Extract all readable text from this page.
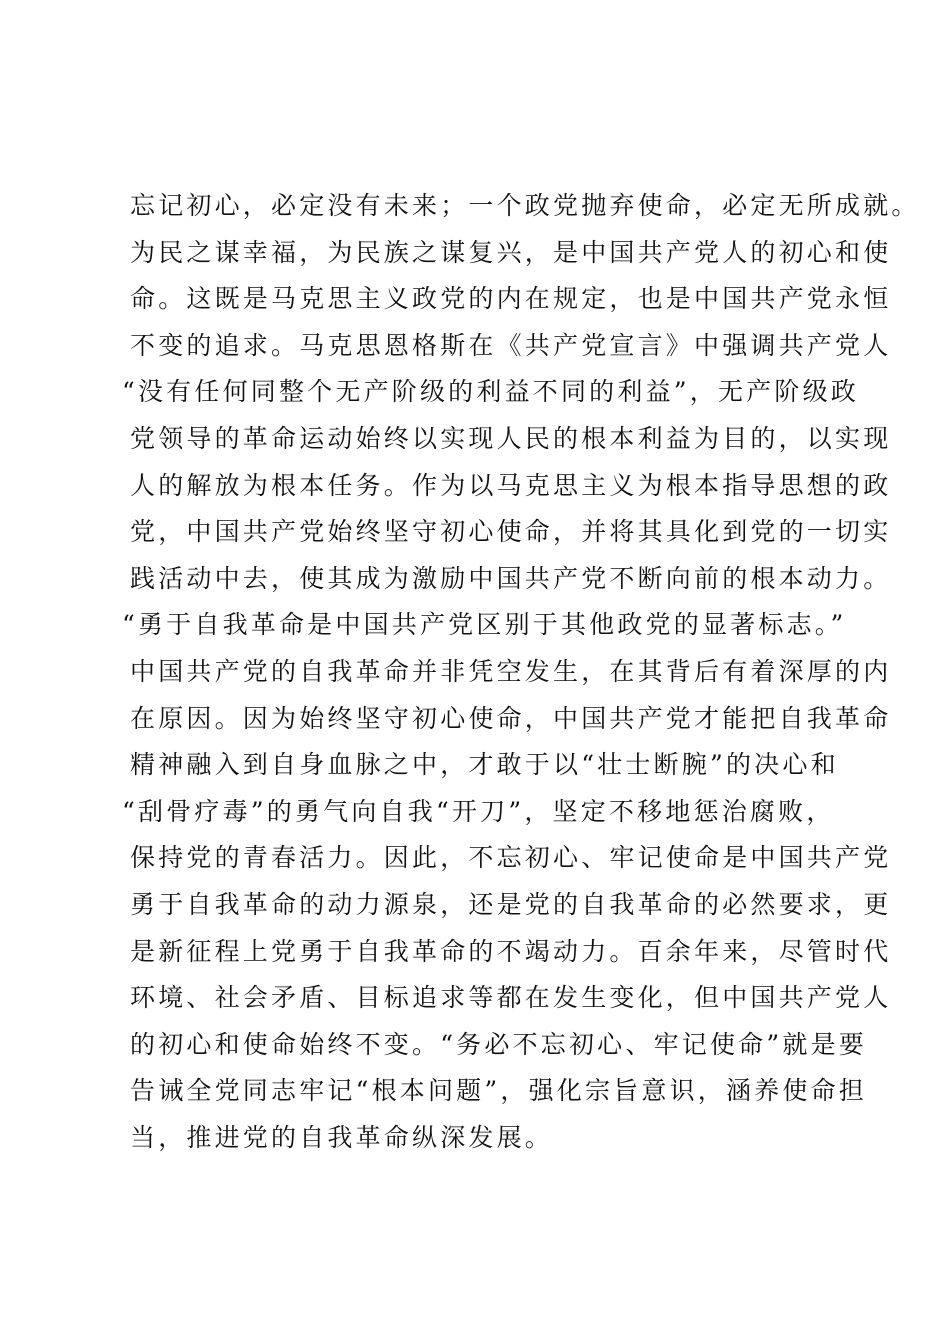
忘记初心，必定没有未来；一个政党抛弃使命，必定无所成就。
为民之谋幸福，为民族之谋复兴，是中国共产党人的初心和使
命。这既是马克思主义政党的内在规定，也是中国共产党永恒
不变的追求。马克思恩格斯在《共产党宣言》中强调共产党人
“没有任何同整个无产阶级的利益不同的利益”，无产阶级政
党领导的革命运动始终以实现人民的根本利益为目的，以实现
人的解放为根本任务。作为以马克思主义为根本指导思想的政
党，中国共产党始终坚守初心使命，并将其具化到党的一切实
践活动中去，使其成为激励中国共产党不断向前的根本动力。
“勇于自我革命是中国共产党区别于其他政党的显著标志。”
中国共产党的自我革命并非凭空发生，在其背后有着深厚的内
在原因。因为始终坚守初心使命，中国共产党才能把自我革命
精神融入到自身血脉之中，才敢于以“壮士断腕”的决心和
“刮骨疗毒”的勇气向自我“开刀”，坚定不移地惩治腐败，
保持党的青春活力。因此，不忘初心、牢记使命是中国共产党
勇于自我革命的动力源泉，还是党的自我革命的必然要求，更
是新征程上党勇于自我革命的不竭动力。百余年来，尽管时代
环境、社会矛盾、目标追求等都在发生变化，但中国共产党人
的初心和使命始终不变。“务必不忘初心、牢记使命”就是要
告诫全党同志牢记“根本问题”，强化宗旨意识，涵养使命担
当，推进党的自我革命纵深发展。
